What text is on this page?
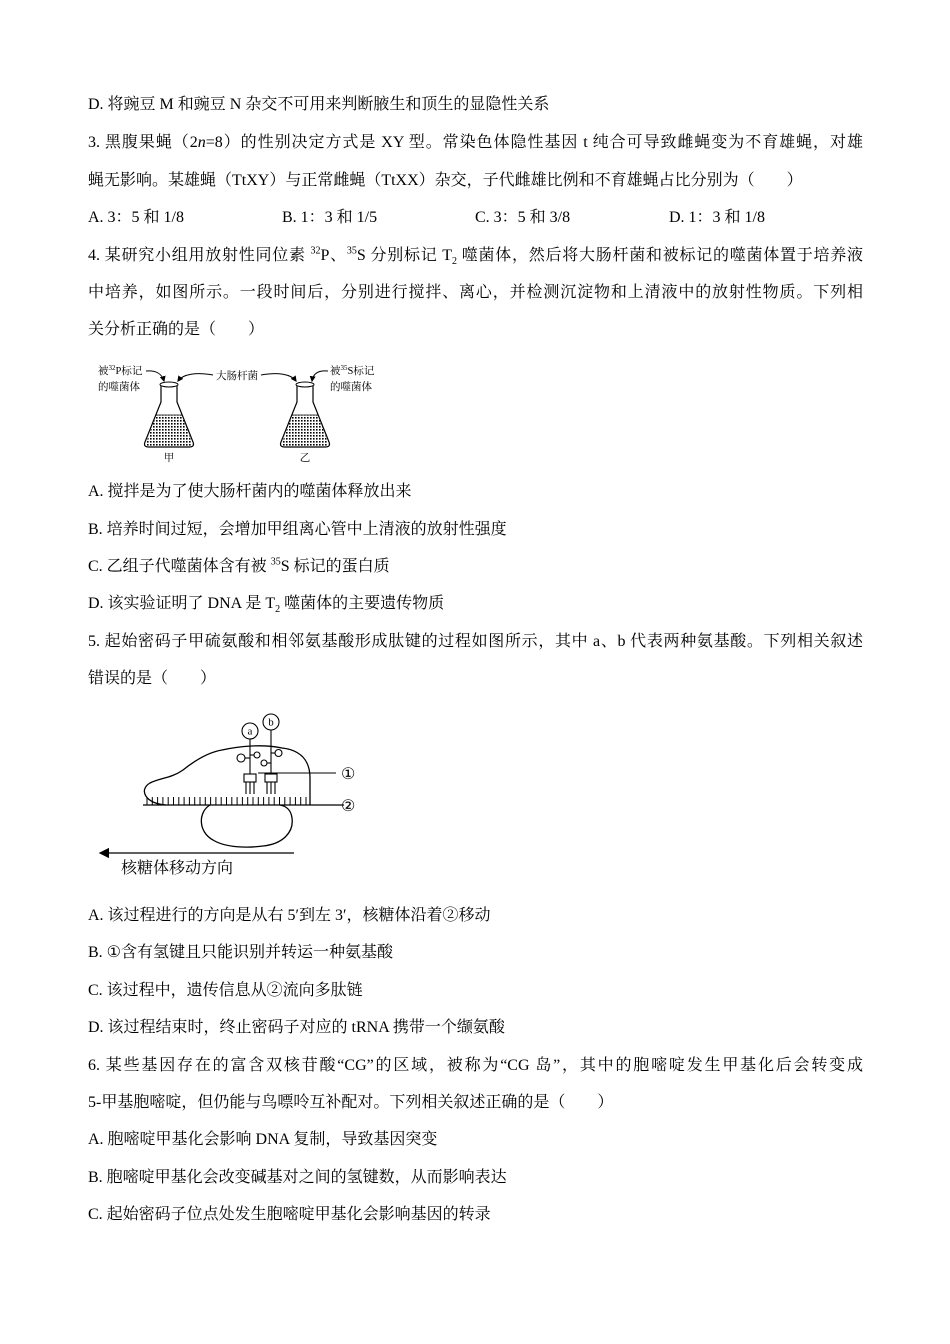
D. 将豌豆 M 和豌豆 N 杂交不可用来判断腋生和顶生的显隐性关系
3. 黑腹果蝇（2n=8）的性别决定方式是 XY 型。常染色体隐性基因 t 纯合可导致雌蝇变为不育雄蝇，对雄
蝇无影响。某雄蝇（TtXY）与正常雌蝇（TtXX）杂交，子代雌雄比例和不育雄蝇占比分别为（　　）
A. 3：5 和 1/8	B. 1：3 和 1/5	C. 3：5 和 3/8	D. 1：3 和 1/8
4. 某研究小组用放射性同位素 $^{32}$P、$^{35}$S 分别标记 $T_2$ 噬菌体，然后将大肠杆菌和被标记的噬菌体置于培养液
中培养，如图所示。一段时间后，分别进行搅拌、离心，并检测沉淀物和上清液中的放射性物质。下列相
关分析正确的是（　　）
被$^{32}$P标记
的噬菌体
大肠杆菌	被$^{35}$S标记
的噬菌体
甲	乙
A. 搅拌是为了使大肠杆菌内的噬菌体释放出来
B. 培养时间过短，会增加甲组离心管中上清液的放射性强度
C. 乙组子代噬菌体含有被 $^{35}$S 标记的蛋白质
D. 该实验证明了 DNA 是 $T_2$ 噬菌体的主要遗传物质
5. 起始密码子甲硫氨酸和相邻氨基酸形成肽键的过程如图所示，其中 a、b 代表两种氨基酸。下列相关叙述
错误的是（　　）
a
b
①
②
核糖体移动方向
A. 该过程进行的方向是从右 5′到左 3′，核糖体沿着②移动
B. ①含有氢键且只能识别并转运一种氨基酸
C. 该过程中，遗传信息从②流向多肽链
D. 该过程结束时，终止密码子对应的 tRNA 携带一个缬氨酸
6. 某些基因存在的富含双核苷酸“CG”的区域，被称为“CG 岛”，其中的胞嘧啶发生甲基化后会转变成
5-甲基胞嘧啶，但仍能与鸟嘌呤互补配对。下列相关叙述正确的是（　　）
A. 胞嘧啶甲基化会影响 DNA 复制，导致基因突变
B. 胞嘧啶甲基化会改变碱基对之间的氢键数，从而影响表达
C. 起始密码子位点处发生胞嘧啶甲基化会影响基因的转录
